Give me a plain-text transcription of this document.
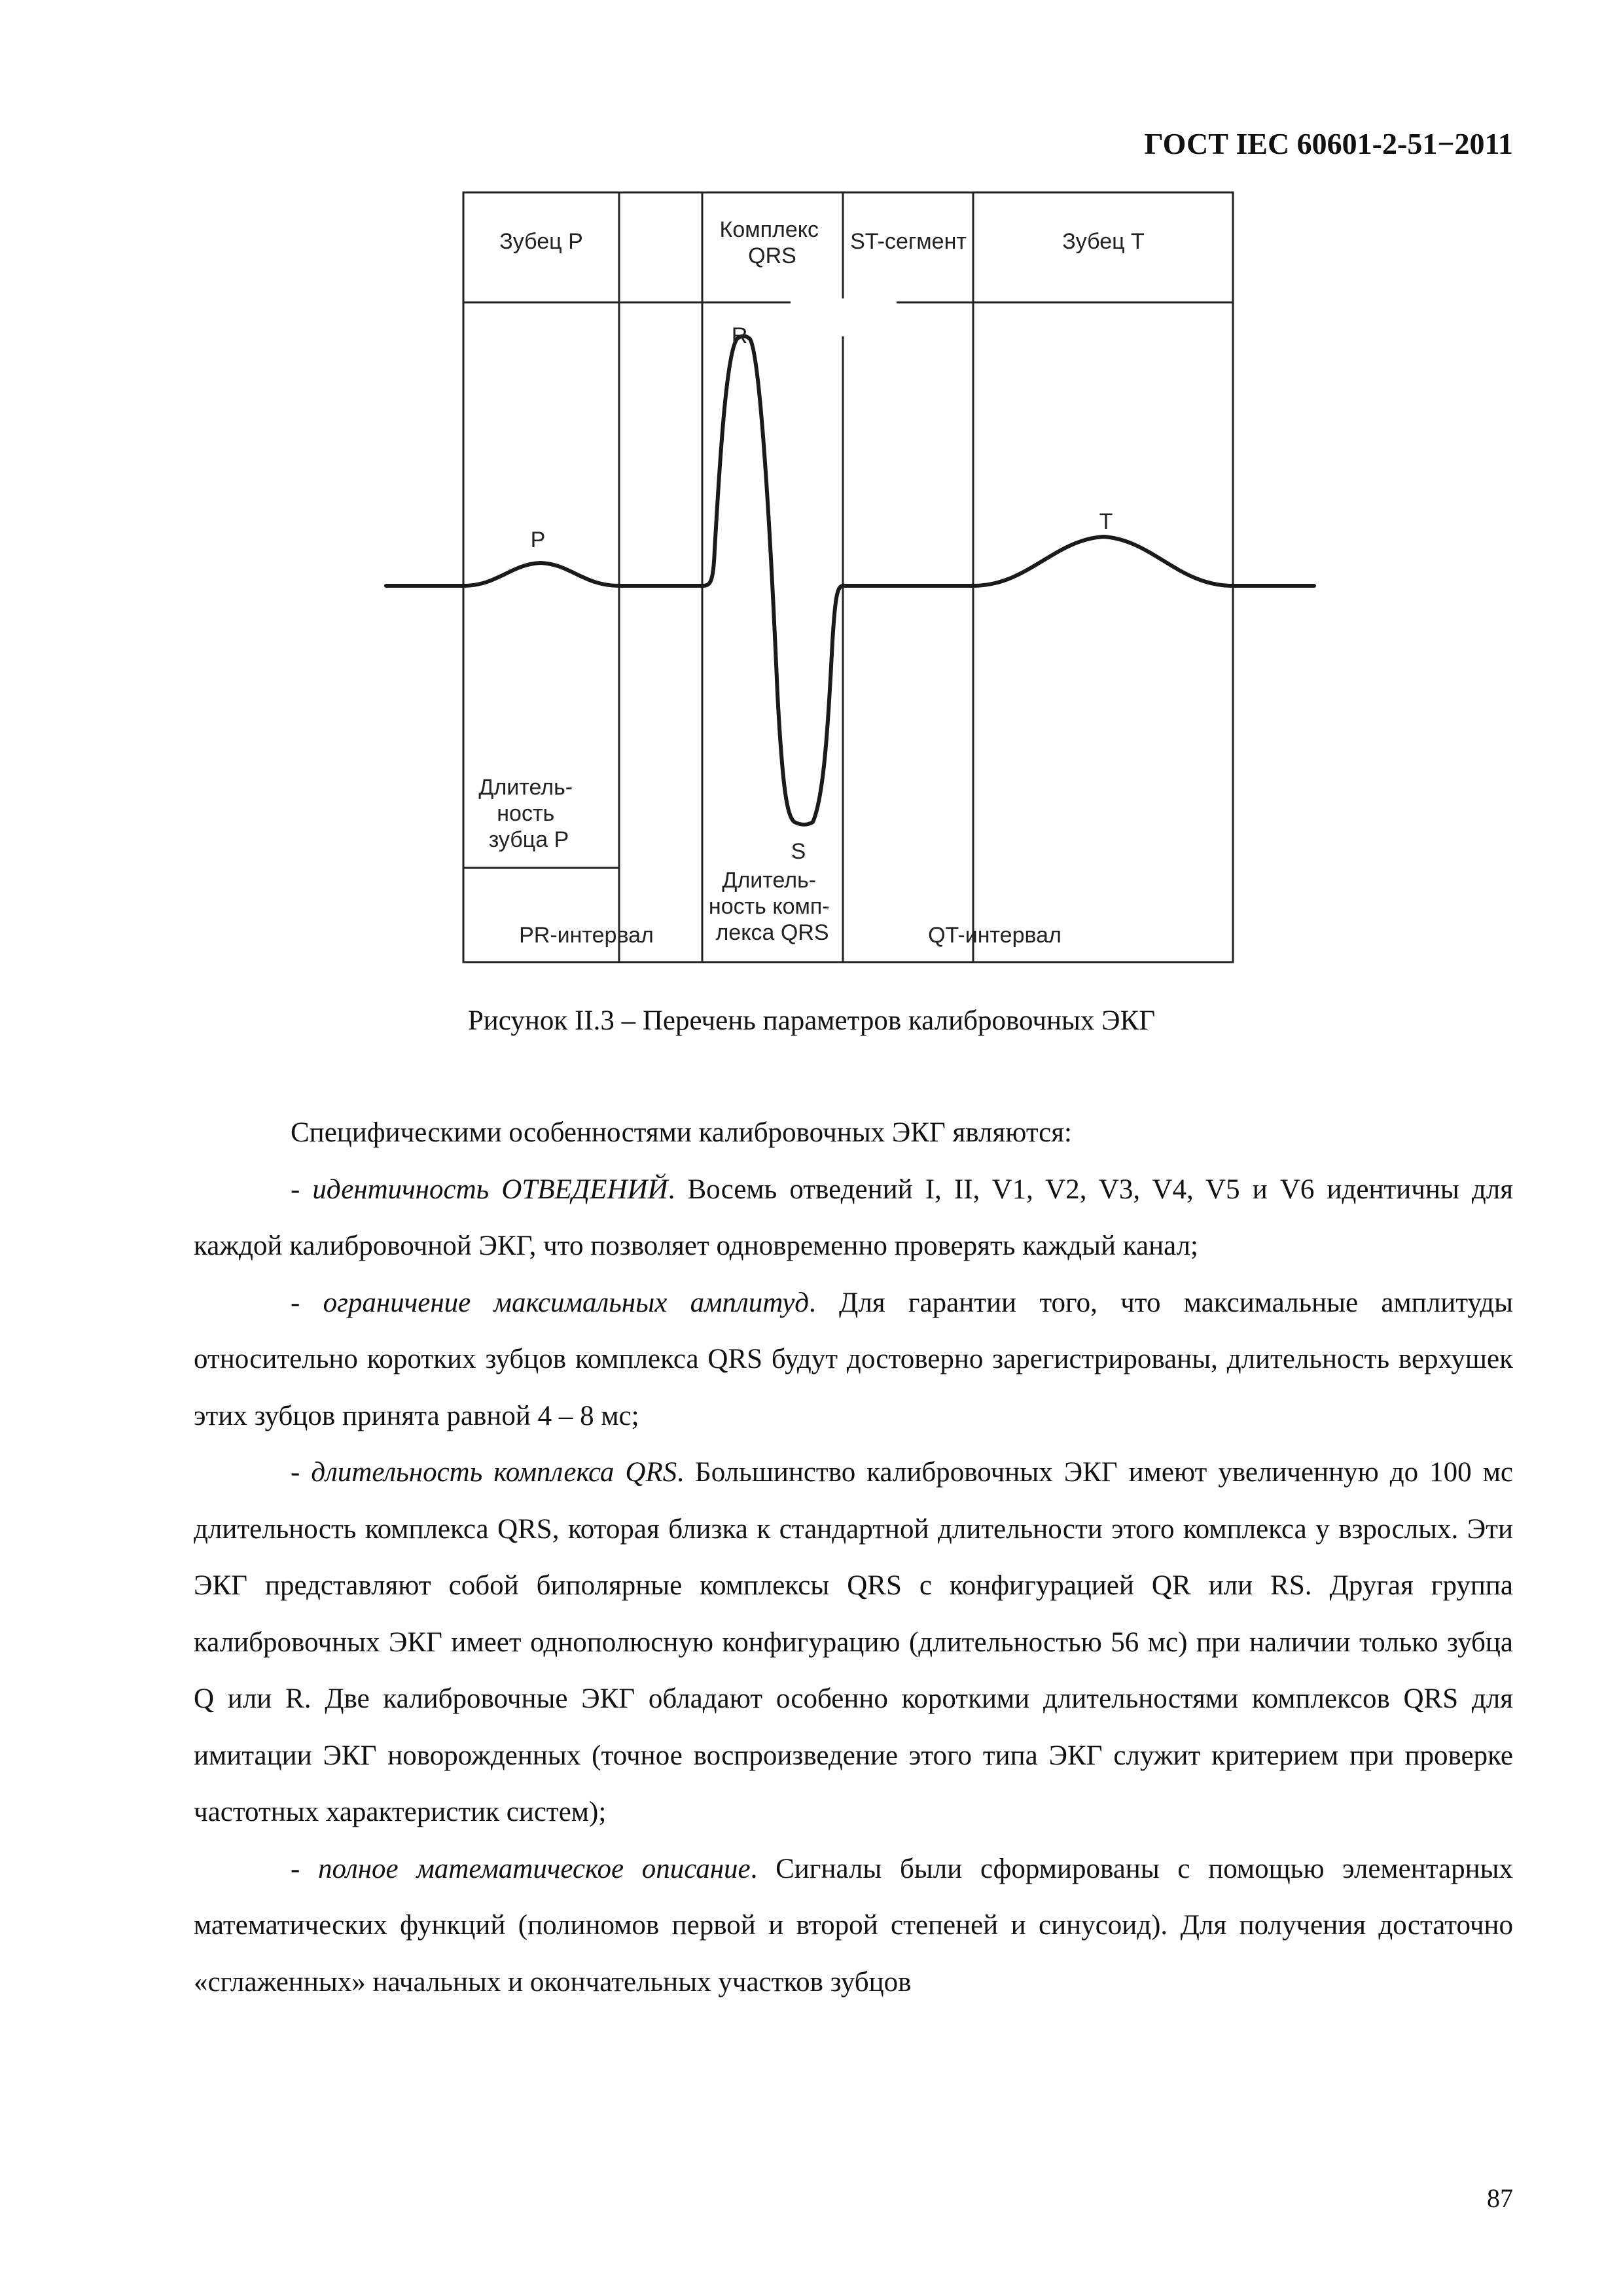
ГОСТ IEC 60601-2-51−2011
Зубец P	Комплекс QRS
ST-сегмент	Зубец T
R
P
T
S
Длитель- ность зубца P
Длитель- ность комп- лекса QRS
PR-интервал	QT-интервал
Рисунок II.3 – Перечень параметров калибровочных ЭКГ

Специфическими особенностями калибровочных ЭКГ являются:

- идентичность ОТВЕДЕНИЙ. Восемь отведений I, II, V1, V2, V3, V4, V5 и V6 идентичны для каждой калибровочной ЭКГ, что позволяет одновременно проверять каждый канал;

- ограничение максимальных амплитуд. Для гарантии того, что максимальные амплитуды относительно коротких зубцов комплекса QRS будут достоверно зарегистрированы, длительность верхушек этих зубцов принята равной 4 – 8 мс;

- длительность комплекса QRS. Большинство калибровочных ЭКГ имеют увеличенную до 100 мс длительность комплекса QRS, которая близка к стандартной длительности этого комплекса у взрослых. Эти ЭКГ представляют собой биполярные комплексы QRS с конфигурацией QR или RS. Другая группа калибровочных ЭКГ имеет однополюсную конфигурацию (длительностью 56 мс) при наличии только зубца Q или R. Две калибровочные ЭКГ обладают особенно короткими длительностями комплексов QRS для имитации ЭКГ новорожденных (точное воспроизведение этого типа ЭКГ служит критерием при проверке частотных характеристик систем);

- полное математическое описание. Сигналы были сформированы с помощью элементарных математических функций (полиномов первой и второй степеней и синусоид). Для получения достаточно «сглаженных» начальных и окончательных участков зубцов

87
